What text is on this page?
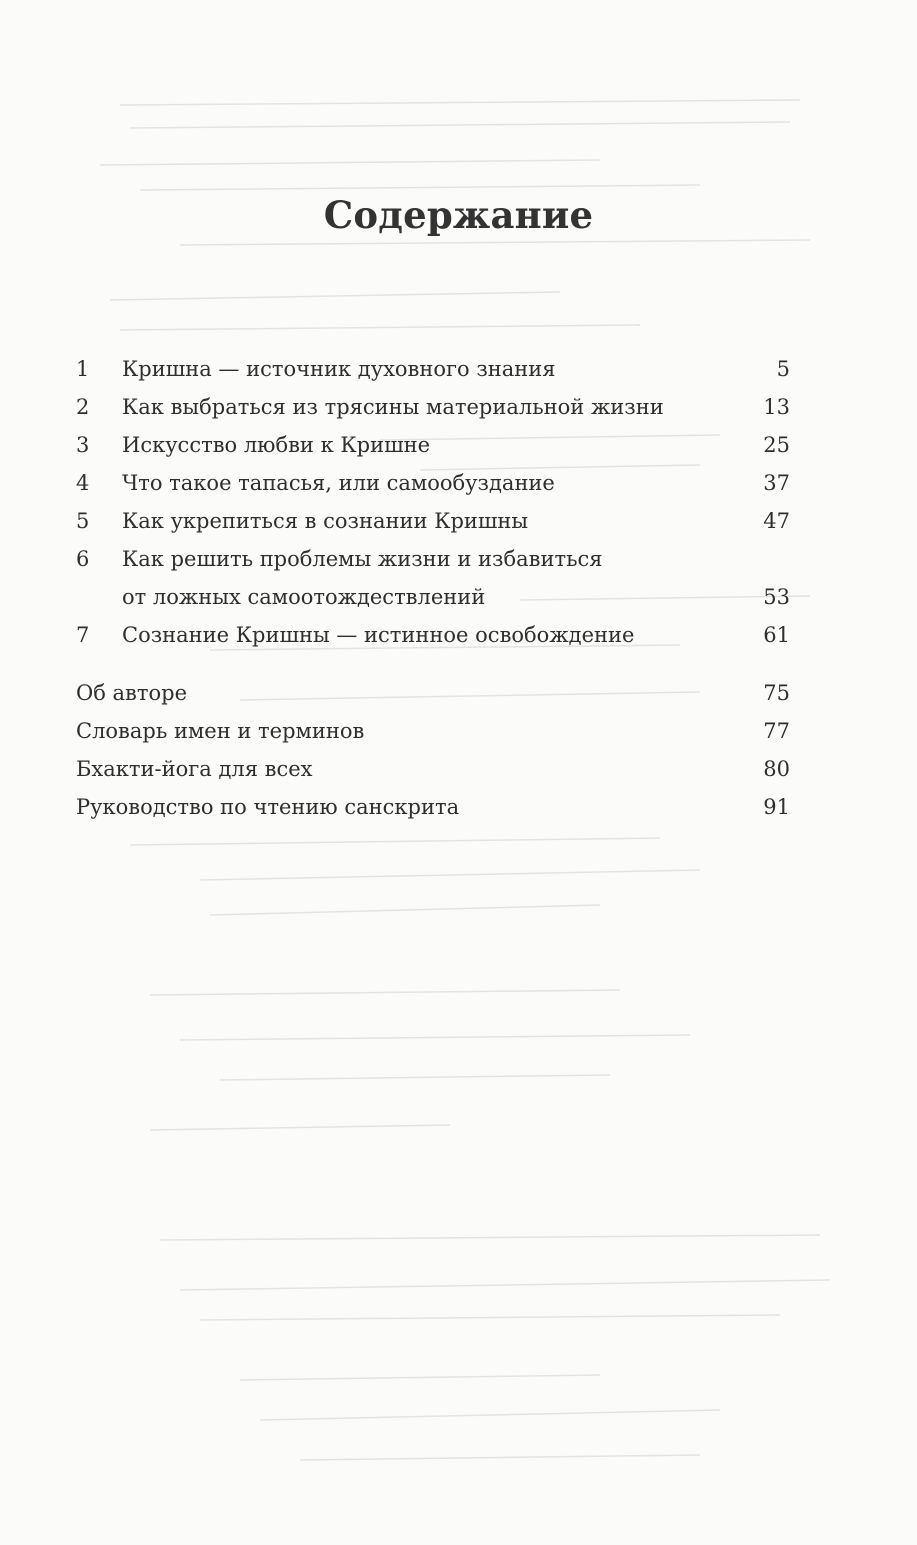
Содержание
1 Кришна — источник духовного знания	5
2 Как выбраться из трясины материальной жизни	13
3 Искусство любви к Кришне	25
4 Что такое тапасья, или самообуздание	37
5 Как укрепиться в сознании Кришны	47
6 Как решить проблемы жизни и избавиться
от ложных самоотождествлений	53
7 Сознание Кришны — истинное освобождение	61
Об авторе	75
Словарь имен и терминов	77
Бхакти-йога для всех	80
Руководство по чтению санскрита	91
